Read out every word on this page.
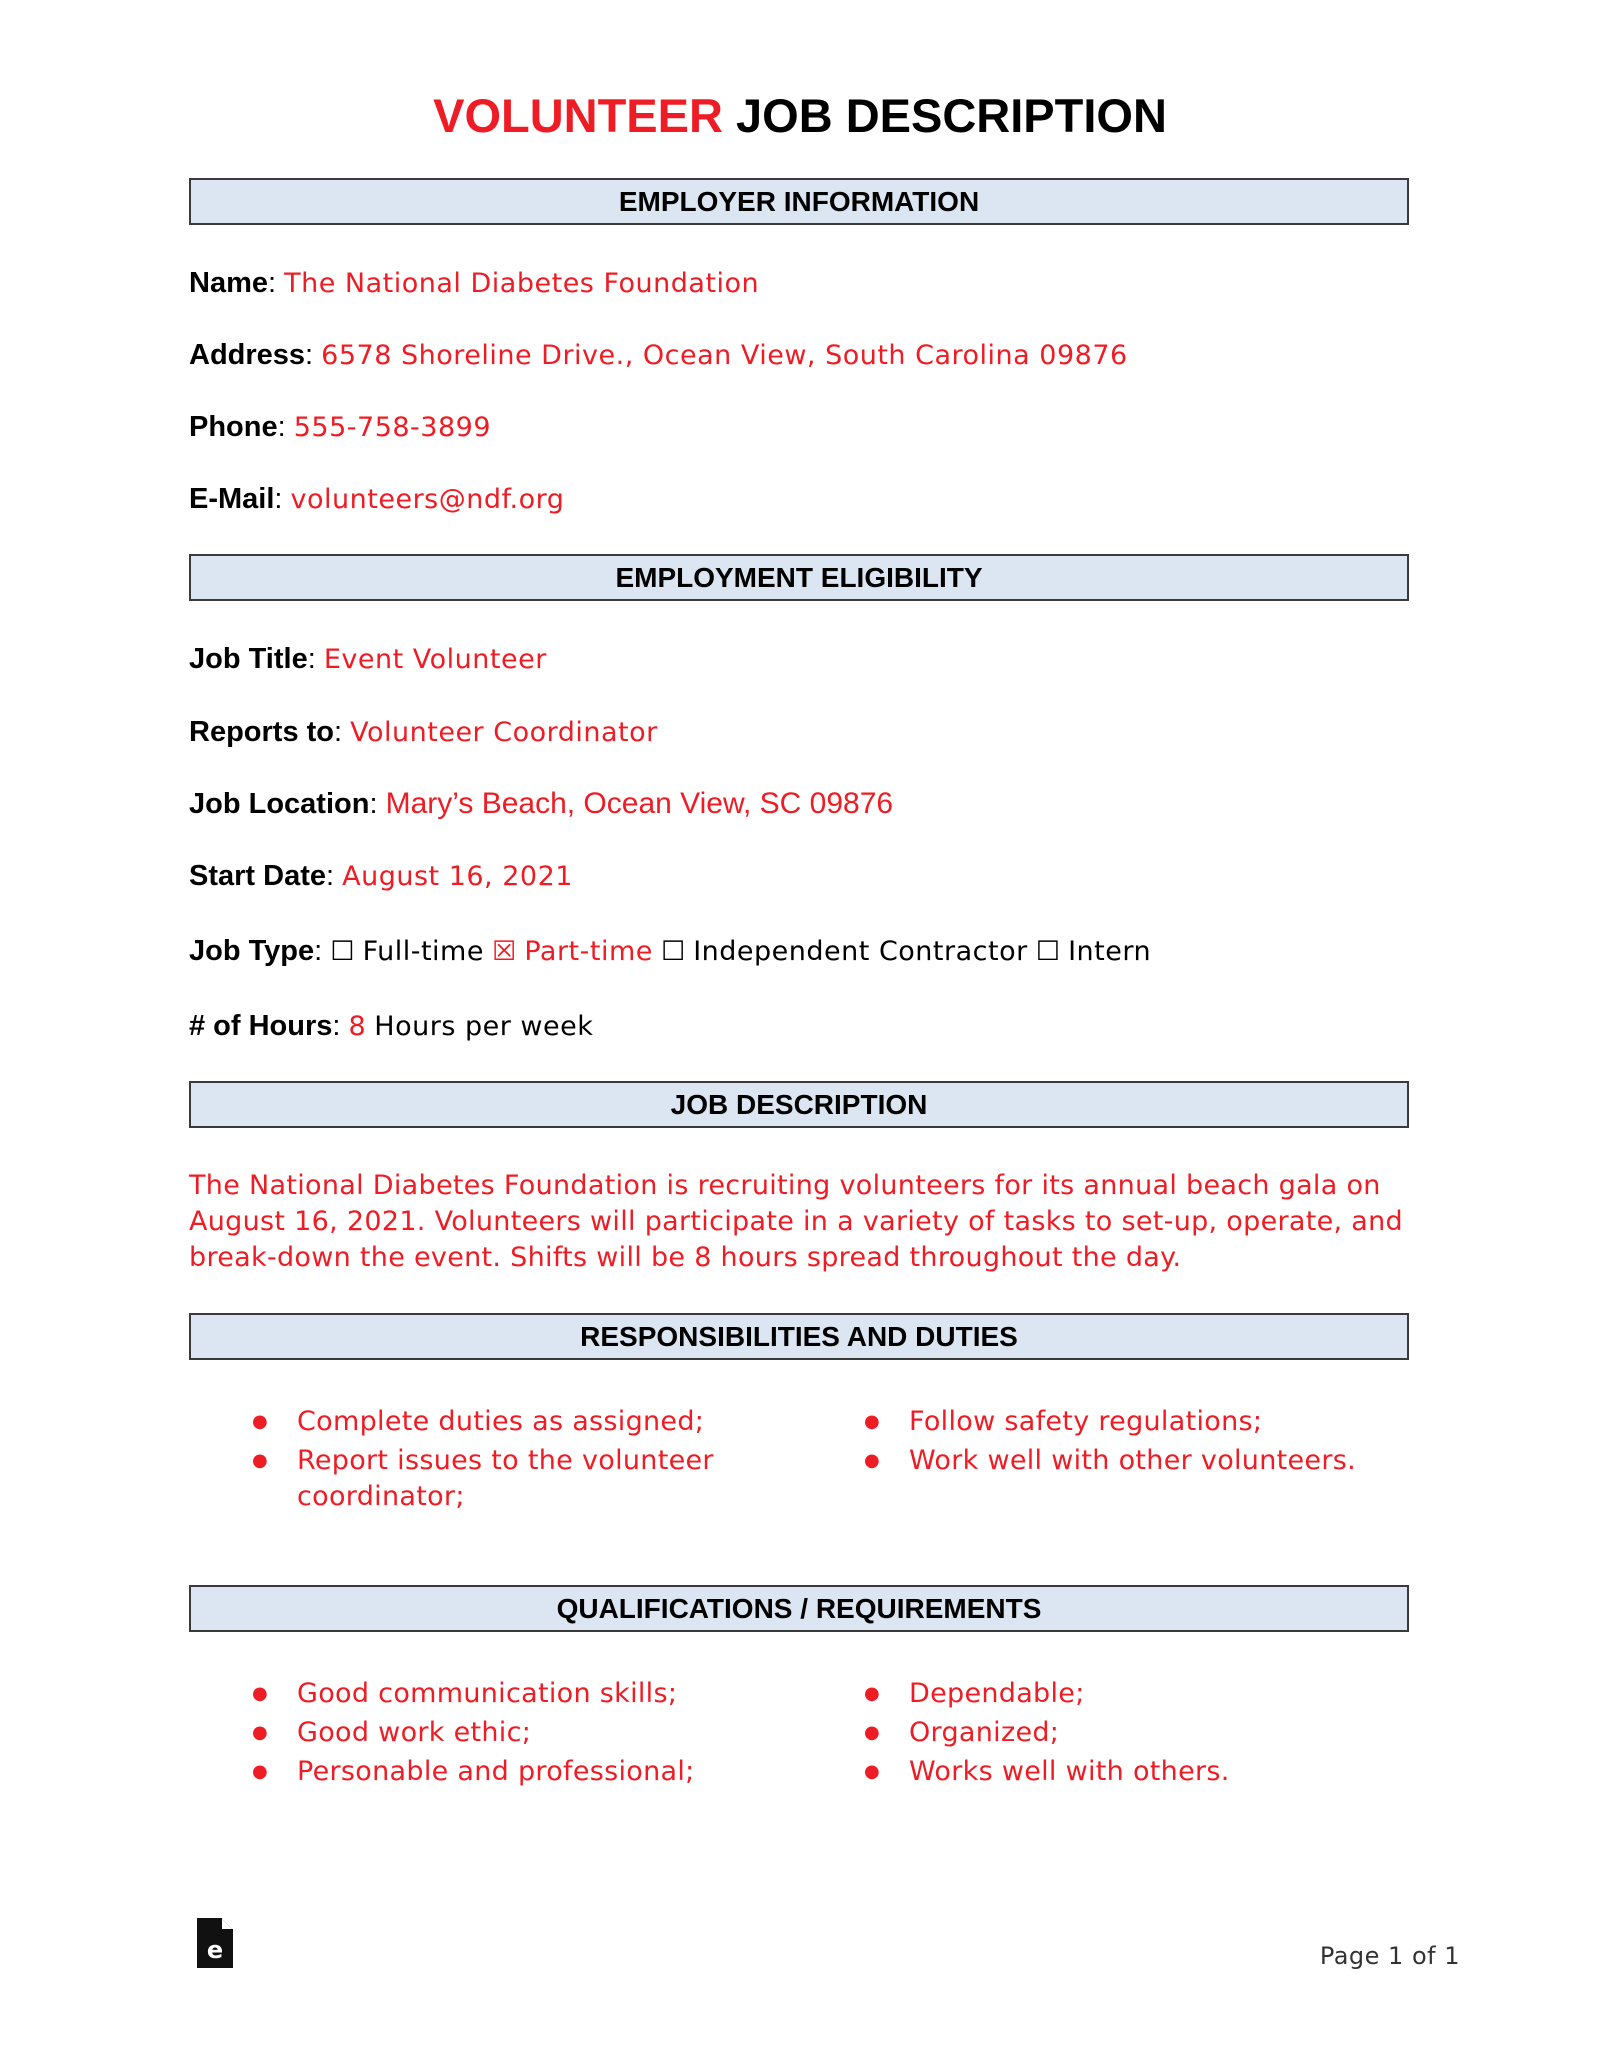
VOLUNTEER JOB DESCRIPTION
EMPLOYER INFORMATION
Name: The National Diabetes Foundation
Address: 6578 Shoreline Drive., Ocean View, South Carolina 09876
Phone: 555-758-3899
E-Mail: volunteers@ndf.org
EMPLOYMENT ELIGIBILITY
Job Title: Event Volunteer
Reports to: Volunteer Coordinator
Job Location: Mary’s Beach, Ocean View, SC 09876
Start Date: August 16, 2021
Job Type: ☐ Full-time ☒ Part-time ☐ Independent Contractor ☐ Intern
# of Hours: 8 Hours per week
JOB DESCRIPTION

The National Diabetes Foundation is recruiting volunteers for its annual beach gala on August 16, 2021. Volunteers will participate in a variety of tasks to set-up, operate, and break-down the event. Shifts will be 8 hours spread throughout the day.

RESPONSIBILITIES AND DUTIES
● Complete duties as assigned;
● Report issues to the volunteer coordinator;
● Follow safety regulations;
● Work well with other volunteers.
QUALIFICATIONS / REQUIREMENTS
● Good communication skills;
● Good work ethic;
● Personable and professional;
● Dependable;
● Organized;
● Works well with others.
e	Page 1 of 1
